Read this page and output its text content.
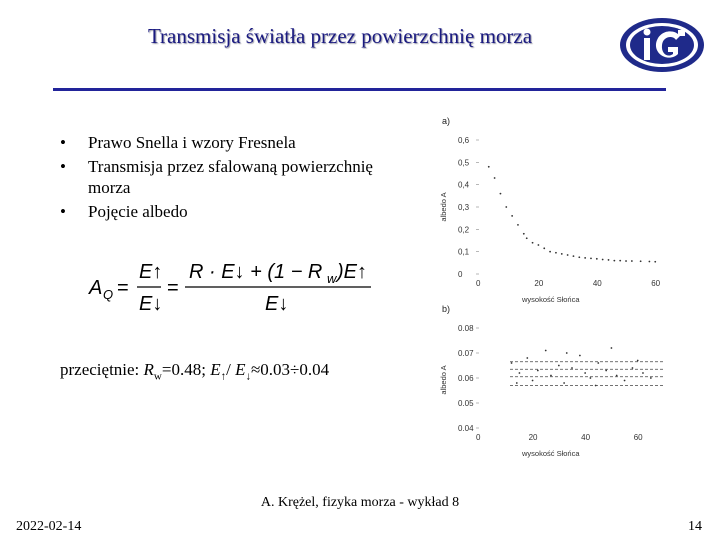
Transmisja światła przez powierzchnię morza
• Prawo Snella i wzory Fresnela
• Transmisja przez sfalowaną powierzchnię morza
• Pojęcie albedo
A Q =
E↑
E↓
=
R · E↓ + (1 − R w )E↑
E↓
przeciętnie: $R_w=0.48$; $E_↑/$ $E_↓\approx 0.03\div 0.04$
a)
0
0,1
0,2
0,3
0,4
0,5
0,6
0	20	40	60
wysokość Słońca
albedo A
b)
0.04
0.05
0.06
0.07
0.08
0	20	40	60
wysokość Słońca
albedo A
A. Krężel, fizyka morza - wykład 8
2022-02-14	14
